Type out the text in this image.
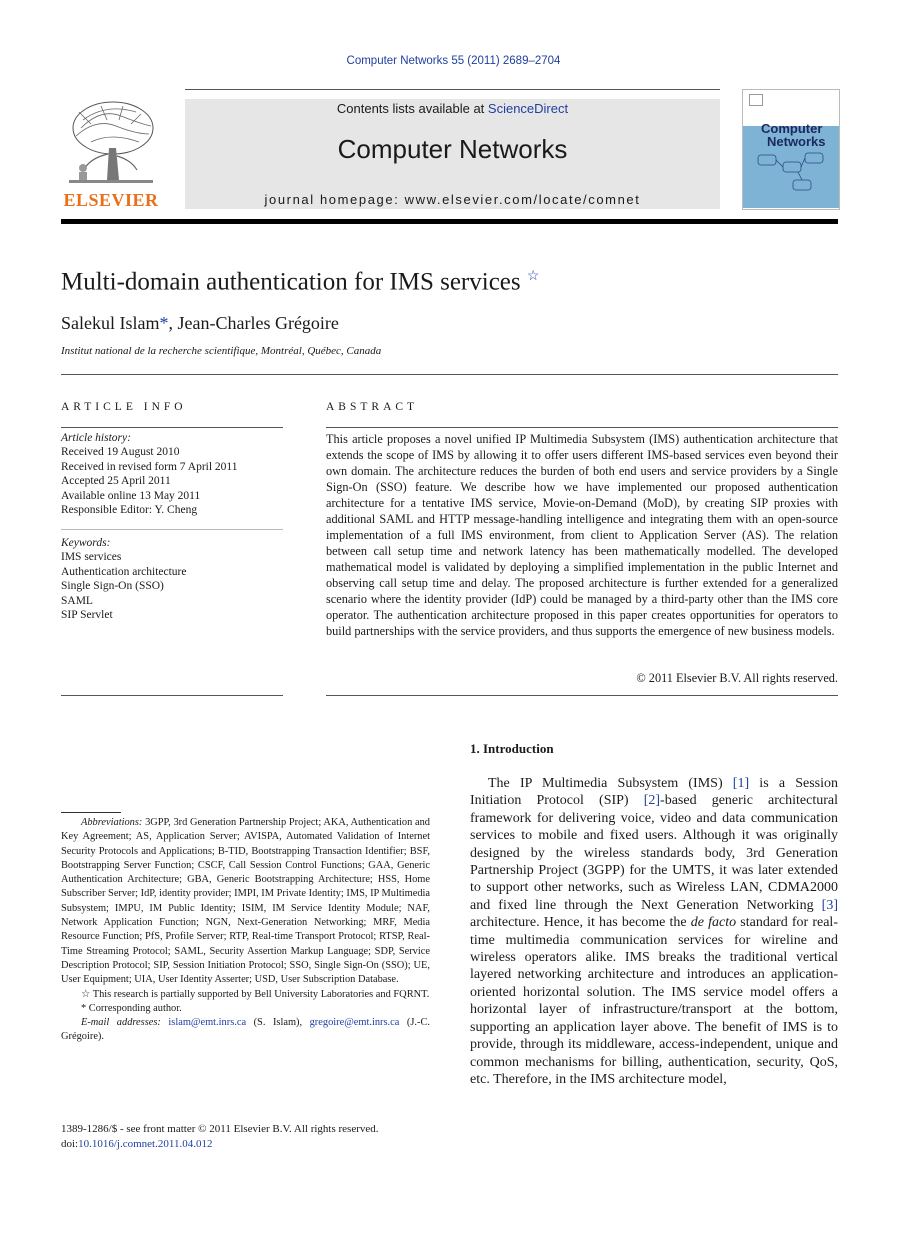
Computer Networks 55 (2011) 2689–2704
ELSEVIER
Contents lists available at ScienceDirect
Computer Networks
journal homepage: www.elsevier.com/locate/comnet
Computer
Networks
Multi-domain authentication for IMS services ☆
Salekul Islam*, Jean-Charles Grégoire
Institut national de la recherche scientifique, Montréal, Québec, Canada
ARTICLE INFO	ABSTRACT
Article history:
Received 19 August 2010
Received in revised form 7 April 2011
Accepted 25 April 2011
Available online 13 May 2011
Responsible Editor: Y. Cheng
Keywords:
IMS services
Authentication architecture
Single Sign-On (SSO)
SAML
SIP Servlet
This article proposes a novel unified IP Multimedia Subsystem (IMS) authentication architecture that extends the scope of IMS by allowing it to offer users different IMS-based services even beyond their own domain. The architecture reduces the burden of both end users and service providers by a Single Sign-On (SSO) feature. We describe how we have implemented our proposed authentication architecture for a tentative IMS service, Movie-on-Demand (MoD), by creating SIP proxies with additional SAML and HTTP message-handling intelligence and integrating them with an open-source implementation of a full IMS environment, from client to Application Server (AS). The relation between call setup time and network latency has been mathematically modelled. The developed mathematical model is validated by deploying a simplified implementation in the public Internet and observing call setup time and delay. The proposed architecture is further extended for a generalized scenario where the identity provider (IdP) could be managed by a third-party other than the IMS core operator. The authentication architecture proposed in this paper creates opportunities for operators to build partnerships with the service providers, and thus supports the emergence of new business models.
© 2011 Elsevier B.V. All rights reserved.
Abbreviations: 3GPP, 3rd Generation Partnership Project; AKA, Authentication and Key Agreement; AS, Application Server; AVISPA, Automated Validation of Internet Security Protocols and Applications; B-TID, Bootstrapping Transaction Identifier; BSF, Bootstrapping Server Function; CSCF, Call Session Control Functions; GAA, Generic Authentication Architecture; GBA, Generic Bootstrapping Architecture; HSS, Home Subscriber Server; IdP, identity provider; IMPI, IM Private Identity; IMS, IP Multimedia Subsystem; IMPU, IM Public Identity; ISIM, IM Service Identity Module; NAF, Network Application Function; NGN, Next-Generation Networking; MRF, Media Resource Function; PfS, Profile Server; RTP, Real-time Transport Protocol; RTSP, Real-Time Streaming Protocol; SAML, Security Assertion Markup Language; SDP, Service Description Protocol; SIP, Session Initiation Protocol; SSO, Single Sign-On (SSO); UE, User Equipment; UIA, User Identity Asserter; USD, User Subscription Database.
☆ This research is partially supported by Bell University Laboratories and FQRNT.
* Corresponding author.
E-mail addresses: islam@emt.inrs.ca (S. Islam), gregoire@emt.inrs.ca (J.-C. Grégoire).
1389-1286/$ - see front matter © 2011 Elsevier B.V. All rights reserved.
doi:10.1016/j.comnet.2011.04.012
1. Introduction
The IP Multimedia Subsystem (IMS) [1] is a Session Initiation Protocol (SIP) [2]-based generic architectural framework for delivering voice, video and data communication services to mobile and fixed users. Although it was originally designed by the wireless standards body, 3rd Generation Partnership Project (3GPP) for the UMTS, it was later extended to support other networks, such as Wireless LAN, CDMA2000 and fixed line through the Next Generation Networking [3] architecture. Hence, it has become the de facto standard for real-time multimedia communication services for wireline and wireless operators alike. IMS breaks the traditional vertical layered networking architecture and introduces an application-oriented horizontal solution. The IMS service model offers a horizontal layer of infrastructure/transport at the bottom, supporting an application layer above. The benefit of IMS is to provide, through its middleware, access-independent, unique and common mechanisms for billing, authentication, security, QoS, etc. Therefore, in the IMS architecture model,
